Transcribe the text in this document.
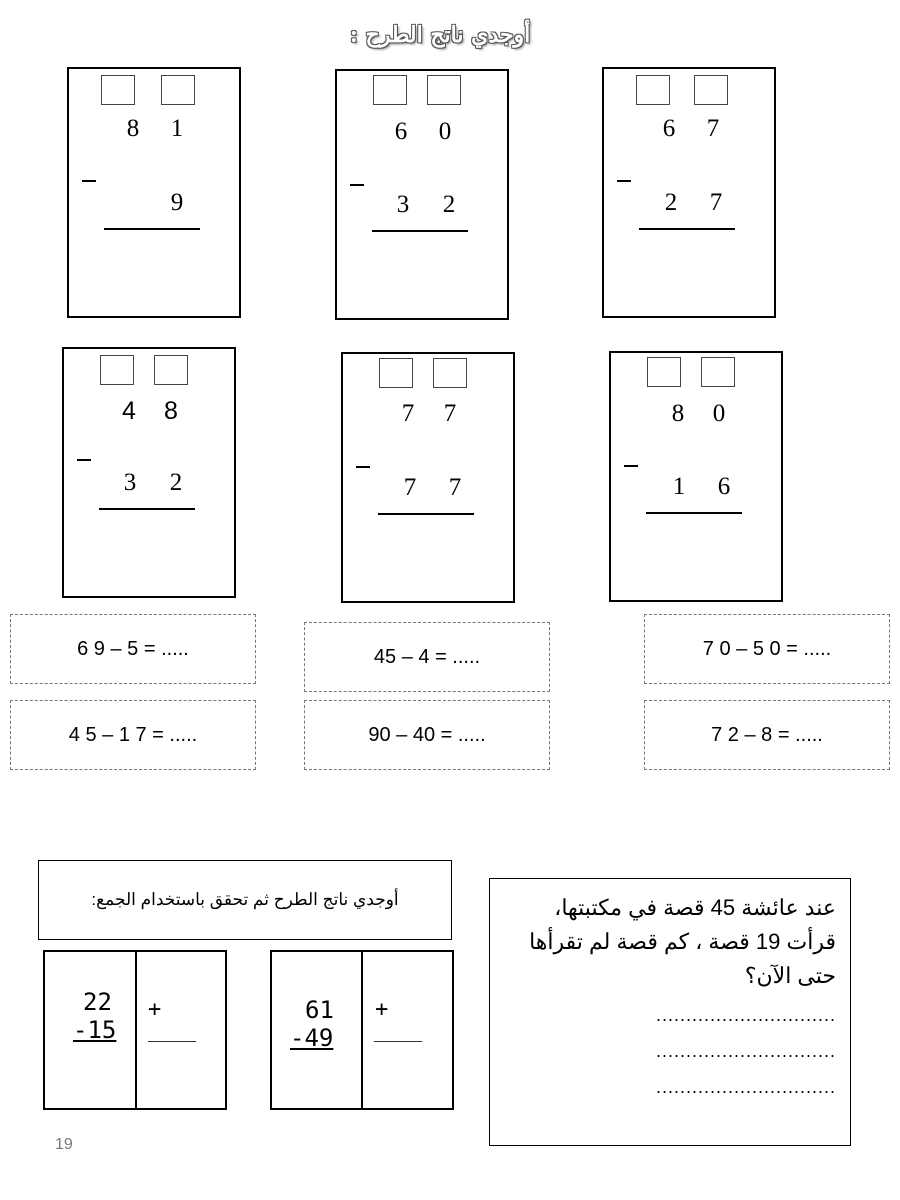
أوجدي ناتج الطرح :
8 1
9
6 0
3 2
6 7
2 7
4 8
3 2
7 7
7 7
8 0
1 6
6 9 – 5 = .....	45 – 4 = .....	7 0 – 5 0 = .....
4 5 – 1 7 = .....	90 – 40 = .....	7 2 – 8 = .....
أوجدي ناتج الطرح ثم تحقق باستخدام الجمع:
22
-15
+
____
61
-49
+
____
عند عائشة 45 قصة في مكتبتها، قرأت 19 قصة ، كم قصة لم تقرأها حتى الآن؟
..............................
..............................
..............................
19
